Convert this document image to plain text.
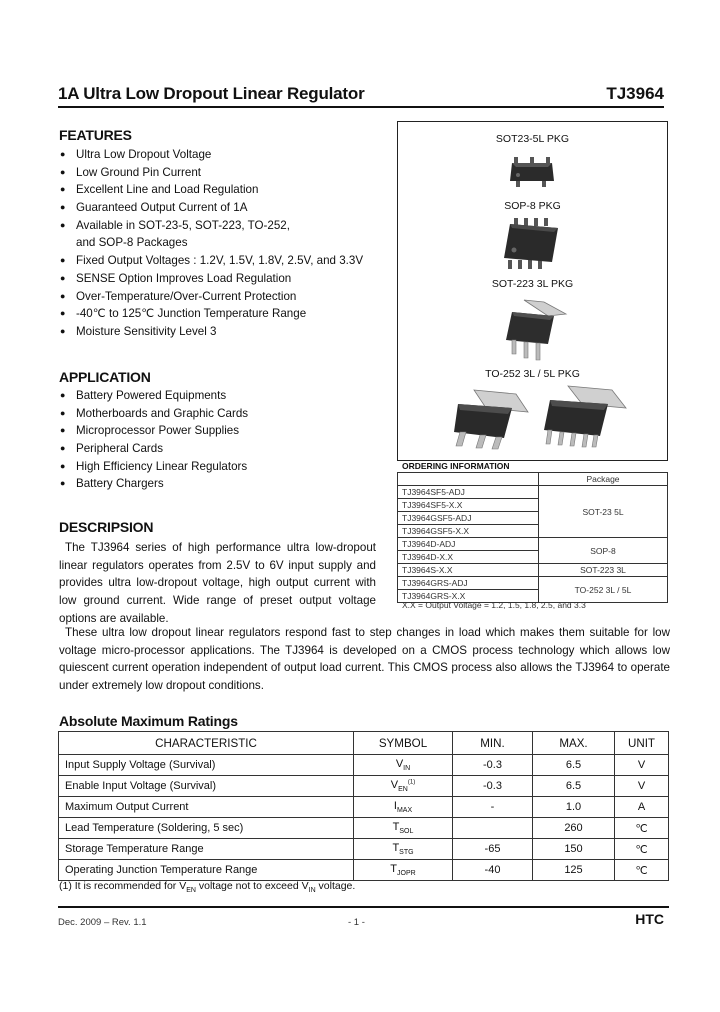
1A Ultra Low Dropout Linear Regulator	TJ3964
FEATURES
● Ultra Low Dropout Voltage
● Low Ground Pin Current
● Excellent Line and Load Regulation
● Guaranteed Output Current of 1A
● Available in SOT-23-5, SOT-223, TO-252,
and SOP-8 Packages
● Fixed Output Voltages : 1.2V, 1.5V, 1.8V, 2.5V, and 3.3V
● SENSE Option Improves Load Regulation
● Over-Temperature/Over-Current Protection
● -40℃ to 125℃ Junction Temperature Range
● Moisture Sensitivity Level 3
APPLICATION
● Battery Powered Equipments
● Motherboards and Graphic Cards
● Microprocessor Power Supplies
● Peripheral Cards
● High Efficiency Linear Regulators
● Battery Chargers
SOT23-5L PKG
SOP-8 PKG
SOT-223 3L PKG
TO-252 3L / 5L PKG
ORDERING INFORMATION
	Package
TJ3964SF5-ADJ	SOT-23 5L
TJ3964SF5-X.X	
TJ3964GSF5-ADJ	
TJ3964GSF5-X.X	
TJ3964D-ADJ	SOP-8
TJ3964D-X.X	
TJ3964S-X.X	SOT-223 3L
TJ3964GRS-ADJ	TO-252 3L / 5L
TJ3964GRS-X.X	
X.X = Output Voltage = 1.2, 1.5, 1.8, 2.5, and 3.3
DESCRIPSION

The TJ3964 series of high performance ultra low-dropout linear regulators operates from 2.5V to 6V input supply and provides ultra low-dropout voltage, high output current with low ground current. Wide range of preset output voltage options are available.

These ultra low dropout linear regulators respond fast to step changes in load which makes them suitable for low voltage micro-processor applications. The TJ3964 is developed on a CMOS process technology which allows low quiescent current operation independent of output load current. This CMOS process also allows the TJ3964 to operate under extremely low dropout conditions.

Absolute Maximum Ratings
CHARACTERISTIC	SYMBOL	MIN.	MAX.	UNIT
Input Supply Voltage (Survival)	$V_{IN}$	-0.3	6.5	V
Enable Input Voltage (Survival)	$V_{EN}^{(1)}$	-0.3	6.5	V
Maximum Output Current	$I_{MAX}$	-	1.0	A
Lead Temperature (Soldering, 5 sec)	$T_{SOL}$		260	℃
Storage Temperature Range	$T_{STG}$	-65	150	℃
Operating Junction Temperature Range	$T_{JOPR}$	-40	125	℃
(1) It is recommended for $V_{EN}$ voltage not to exceed $V_{IN}$ voltage.
Dec. 2009 – Rev. 1.1	- 1 -	HTC
